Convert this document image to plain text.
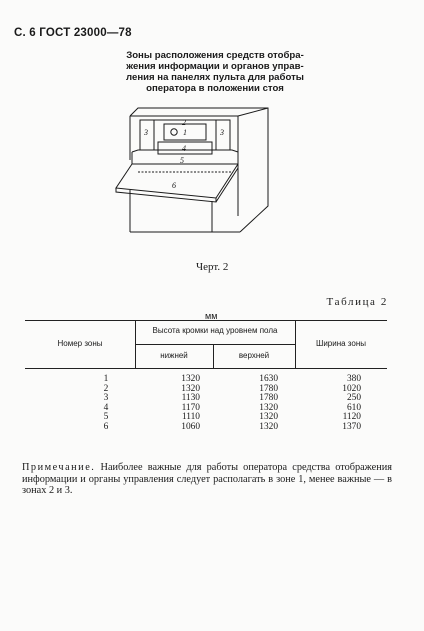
С. 6 ГОСТ 23000—78
Зоны расположения средств отобра-
жения информации и органов управ-
ления на панелях пульта для работы
оператора в положении стоя
1
2
3	3
4
5
6
Черт. 2
Таблица 2
мм
Номер зоны
Высота кромки над уровнем пола
нижней	верхней
Ширина зоны
1	1320	1630	380
2	1320	1780	1020
3	1130	1780	250
4	1170	1320	610
5	1110	1320	1120
6	1060	1320	1370
Примечание. Наиболее важные для работы оператора средства отображения информации и органы управления следует располагать в зоне 1, менее важные — в зонах 2 и 3.
